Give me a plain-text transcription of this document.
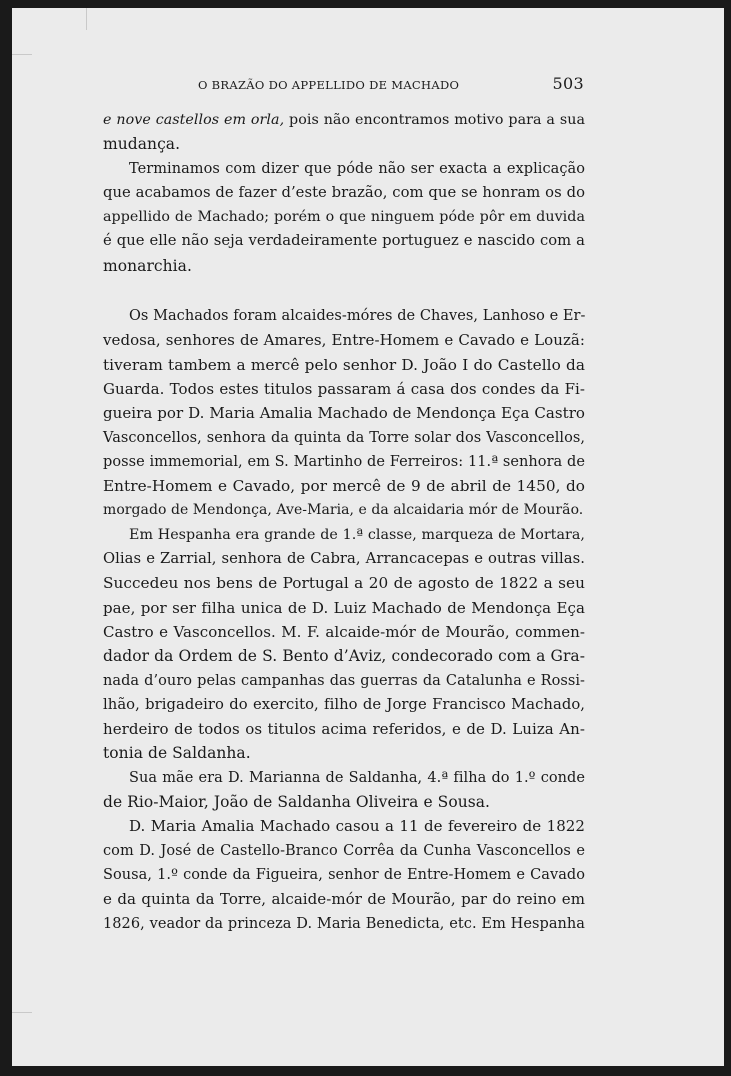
O BRAZÃO DO APPELLIDO DE MACHADO	503
e nove castellos em orla, pois não encontramos motivo para a sua
mudança.
Terminamos com dizer que póde não ser exacta a explicação
que acabamos de fazer d’este brazão, com que se honram os do
appellido de Machado; porém o que ninguem póde pôr em duvida
é que elle não seja verdadeiramente portuguez e nascido com a
monarchia.
Os Machados foram alcaides-móres de Chaves, Lanhoso e Er-
vedosa, senhores de Amares, Entre-Homem e Cavado e Louzã:
tiveram tambem a mercê pelo senhor D. João I do Castello da
Guarda. Todos estes titulos passaram á casa dos condes da Fi-
gueira por D. Maria Amalia Machado de Mendonça Eça Castro
Vasconcellos, senhora da quinta da Torre solar dos Vasconcellos,
posse immemorial, em S. Martinho de Ferreiros: 11.ª senhora de
Entre-Homem e Cavado, por mercê de 9 de abril de 1450, do
morgado de Mendonça, Ave-Maria, e da alcaidaria mór de Mourão.
Em Hespanha era grande de 1.ª classe, marqueza de Mortara,
Olias e Zarrial, senhora de Cabra, Arrancacepas e outras villas.
Succedeu nos bens de Portugal a 20 de agosto de 1822 a seu
pae, por ser filha unica de D. Luiz Machado de Mendonça Eça
Castro e Vasconcellos. M. F. alcaide-mór de Mourão, commen-
dador da Ordem de S. Bento d’Aviz, condecorado com a Gra-
nada d’ouro pelas campanhas das guerras da Catalunha e Rossi-
lhão, brigadeiro do exercito, filho de Jorge Francisco Machado,
herdeiro de todos os titulos acima referidos, e de D. Luiza An-
tonia de Saldanha.
Sua mãe era D. Marianna de Saldanha, 4.ª filha do 1.º conde
de Rio-Maior, João de Saldanha Oliveira e Sousa.
D. Maria Amalia Machado casou a 11 de fevereiro de 1822
com D. José de Castello-Branco Corrêa da Cunha Vasconcellos e
Sousa, 1.º conde da Figueira, senhor de Entre-Homem e Cavado
e da quinta da Torre, alcaide-mór de Mourão, par do reino em
1826, veador da princeza D. Maria Benedicta, etc. Em Hespanha
